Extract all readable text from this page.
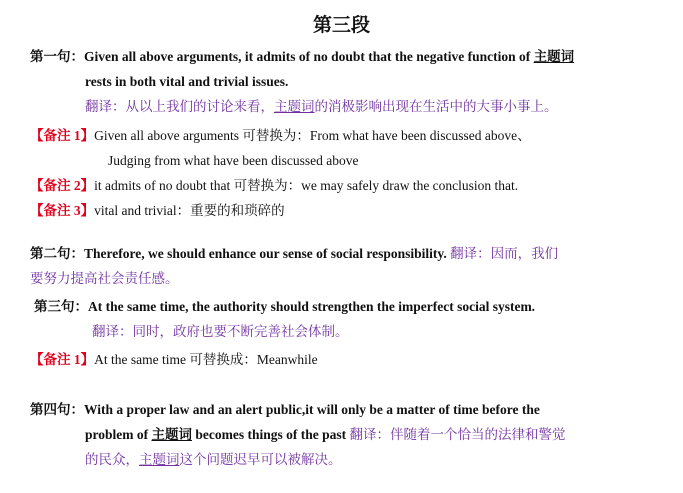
第三段
第一句：Given all above arguments, it admits of no doubt that the negative function of 主题词
rests in both vital and trivial issues.
翻译：从以上我们的讨论来看，主题词的消极影响出现在生活中的大事小事上。
【备注 1】Given all above arguments 可替换为：From what have been discussed above、
Judging from what have been discussed above
【备注 2】it admits of no doubt that 可替换为：we may safely draw the conclusion that.
【备注 3】vital and trivial：重要的和琐碎的
第二句：Therefore, we should enhance our sense of social responsibility. 翻译：因而，我们
要努力提高社会责任感。
第三句：At the same time, the authority should strengthen the imperfect social system.
翻译：同时，政府也要不断完善社会体制。
【备注 1】At the same time 可替换成：Meanwhile
第四句：With a proper law and an alert public,it will only be a matter of time before the
problem of 主题词 becomes things of the past 翻译：伴随着一个恰当的法律和警觉
的民众，主题词这个问题迟早可以被解决。
